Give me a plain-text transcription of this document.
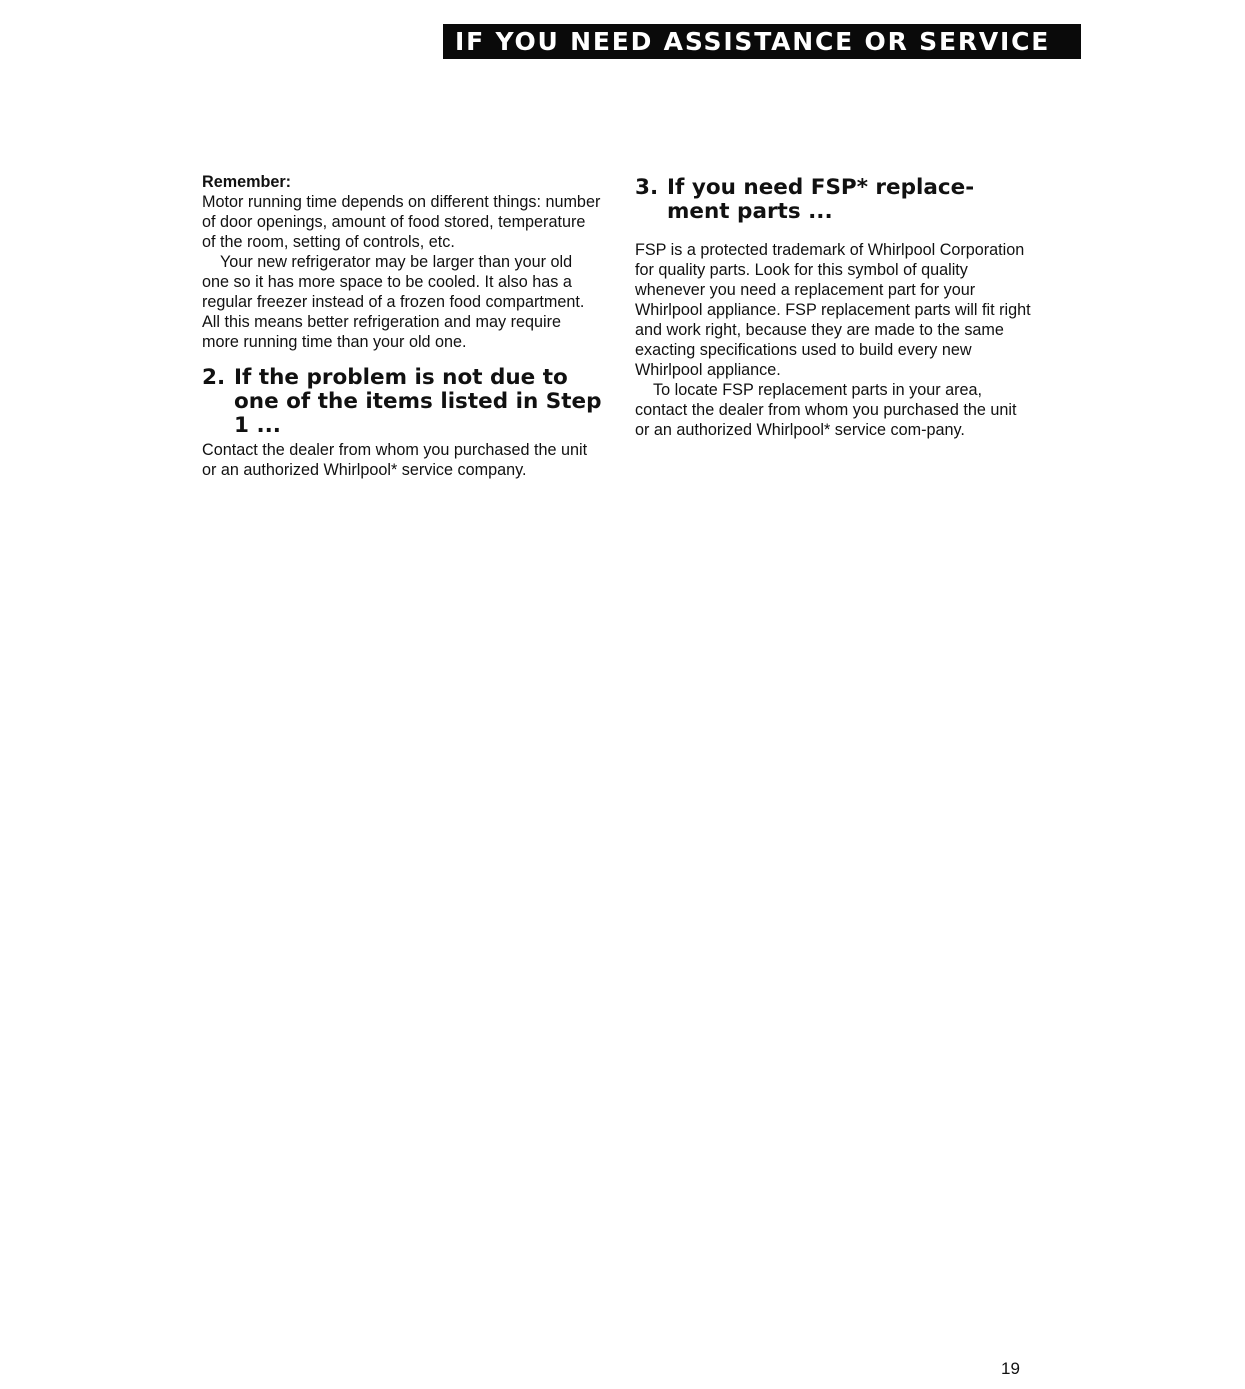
IF YOU NEED ASSISTANCE OR SERVICE

Remember:

Motor running time depends on different things: number of door openings, amount of food stored, temperature of the room, setting of controls, etc.

Your new refrigerator may be larger than your old one so it has more space to be cooled. It also has a regular freezer instead of a frozen food compartment. All this means better refrigeration and may require more running time than your old one.

2. If the problem is not due to one of the items listed in Step 1 ...

Contact the dealer from whom you purchased the unit or an authorized Whirlpool* service company.

3. If you need FSP* replace-ment parts ...

FSP is a protected trademark of Whirlpool Corporation for quality parts. Look for this symbol of quality whenever you need a replacement part for your Whirlpool appliance. FSP replacement parts will fit right and work right, because they are made to the same exacting specifications used to build every new Whirlpool appliance.

To locate FSP replacement parts in your area, contact the dealer from whom you purchased the unit or an authorized Whirlpool* service com-pany.

19
